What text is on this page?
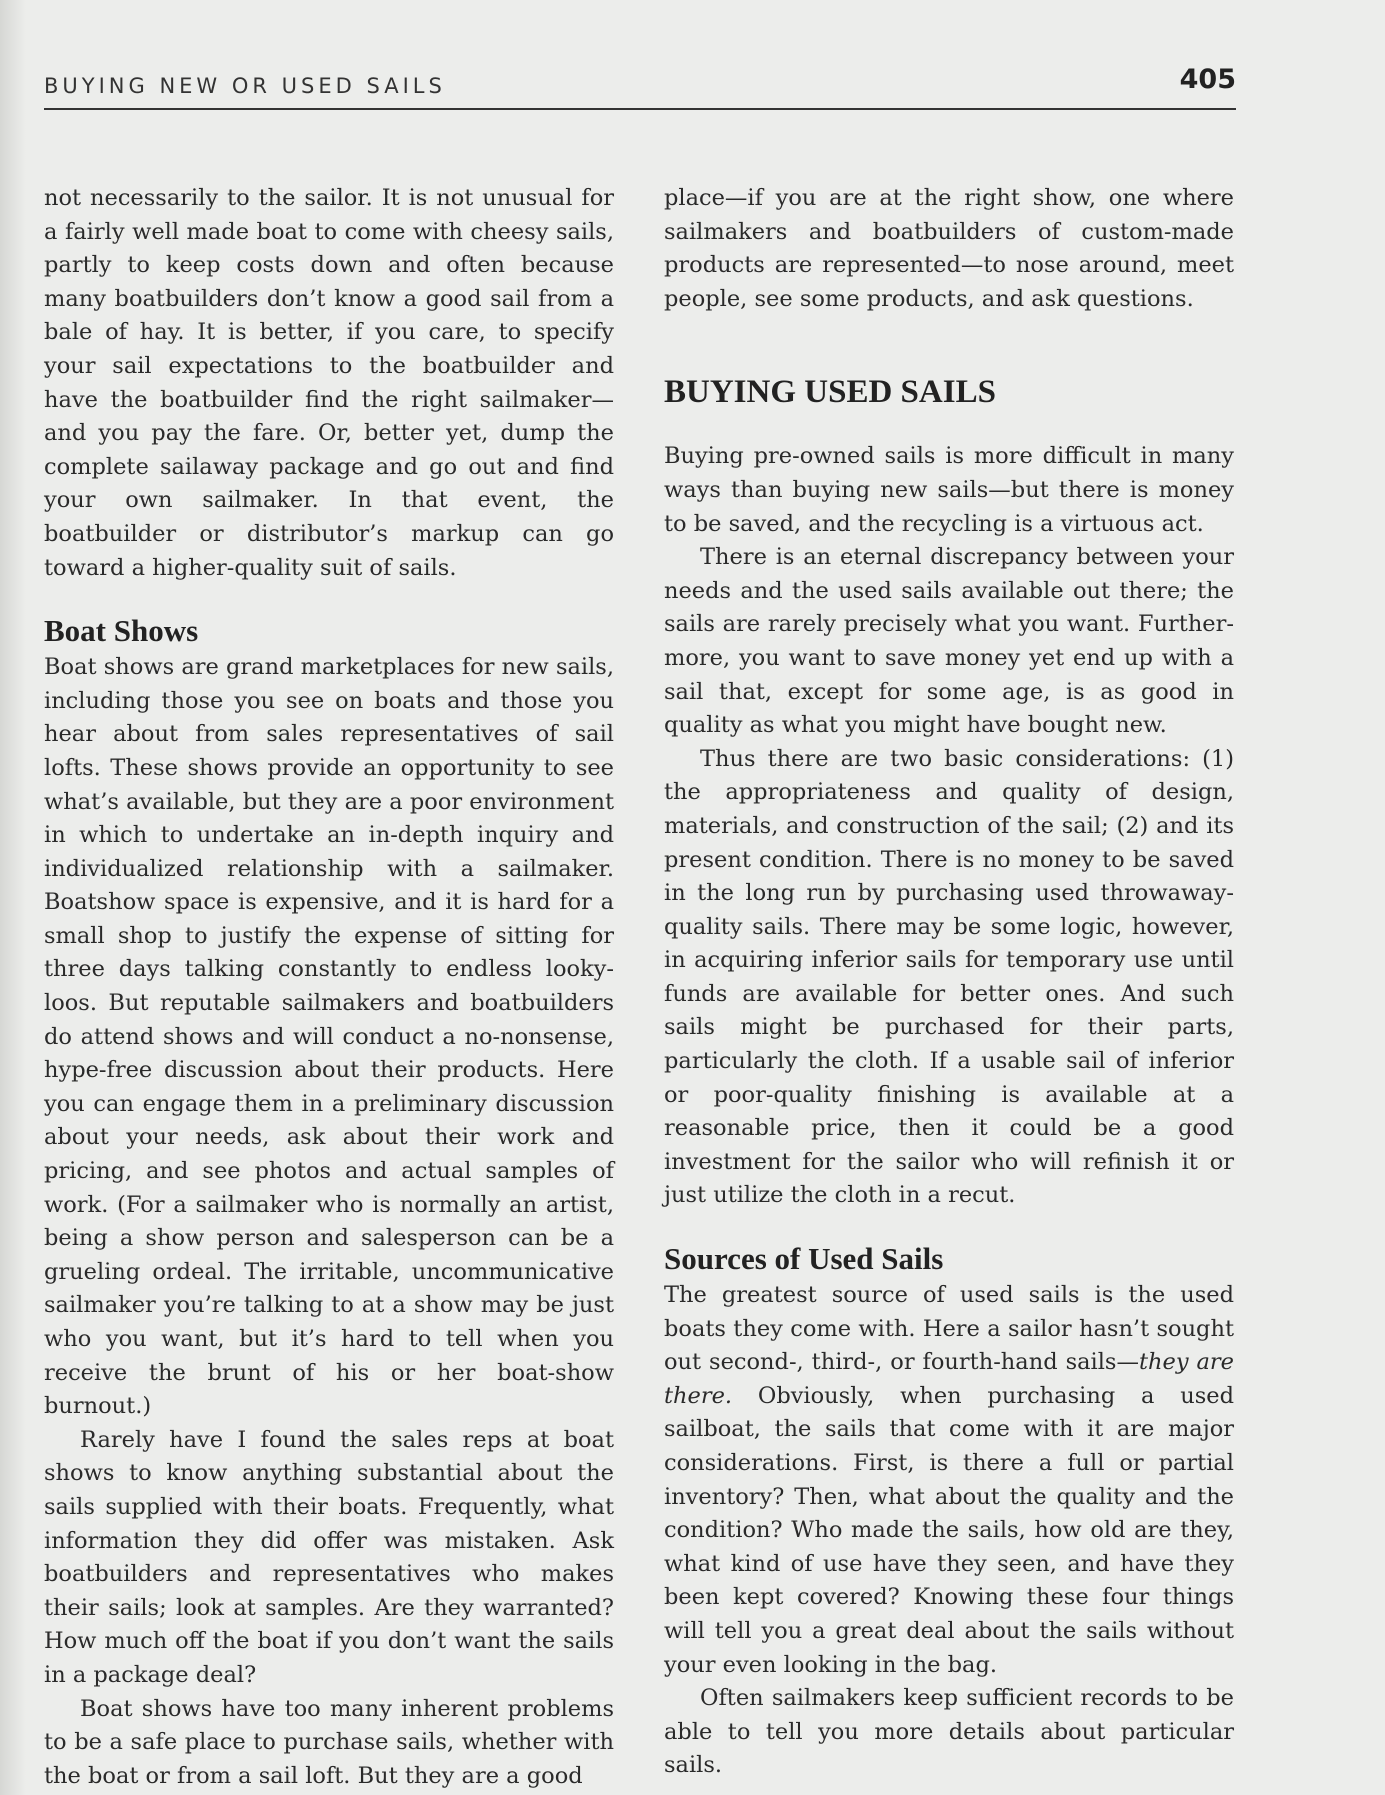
BUYING NEW OR USED SAILS	405

not necessarily to the sailor. It is not unusual for a fairly well made boat to come with cheesy sails, partly to keep costs down and often because many boatbuilders don’t know a good sail from a bale of hay. It is better, if you care, to specify your sail expectations to the boatbuilder and have the boatbuilder find the right sailmaker—and you pay the fare. Or, better yet, dump the complete sailaway package and go out and find your own sailmaker. In that event, the boatbuilder or distributor’s markup can go toward a higher-quality suit of sails.

Boat Shows

Boat shows are grand marketplaces for new sails, including those you see on boats and those you hear about from sales representatives of sail lofts. These shows provide an opportunity to see what’s available, but they are a poor environment in which to undertake an in-depth inquiry and individualized relationship with a sailmaker. Boatshow space is expensive, and it is hard for a small shop to justify the expense of sitting for three days talking constantly to endless looky-loos. But reputable sailmakers and boatbuilders do attend shows and will conduct a no-nonsense, hype-free discussion about their products. Here you can engage them in a preliminary discussion about your needs, ask about their work and pricing, and see photos and actual samples of work. (For a sailmaker who is normally an artist, being a show person and salesperson can be a grueling ordeal. The irritable, uncommunicative sailmaker you’re talking to at a show may be just who you want, but it’s hard to tell when you receive the brunt of his or her boat-show burnout.)

Rarely have I found the sales reps at boat shows to know anything substantial about the sails supplied with their boats. Frequently, what information they did offer was mistaken. Ask boatbuilders and representatives who makes their sails; look at samples. Are they warranted? How much off the boat if you don’t want the sails in a package deal?

Boat shows have too many inherent problems to be a safe place to purchase sails, whether with the boat or from a sail loft. But they are a good

place—if you are at the right show, one where sailmakers and boatbuilders of custom-made products are represented—to nose around, meet people, see some products, and ask questions.

BUYING USED SAILS

Buying pre-owned sails is more difficult in many ways than buying new sails—but there is money to be saved, and the recycling is a virtuous act.

There is an eternal discrepancy between your needs and the used sails available out there; the sails are rarely precisely what you want. Furthermore, you want to save money yet end up with a sail that, except for some age, is as good in quality as what you might have bought new.

Thus there are two basic considerations: (1) the appropriateness and quality of design, materials, and construction of the sail; (2) and its present condition. There is no money to be saved in the long run by purchasing used throwaway-quality sails. There may be some logic, however, in acquiring inferior sails for temporary use until funds are available for better ones. And such sails might be purchased for their parts, particularly the cloth. If a usable sail of inferior or poor-quality finishing is available at a reasonable price, then it could be a good investment for the sailor who will refinish it or just utilize the cloth in a recut.

Sources of Used Sails

The greatest source of used sails is the used boats they come with. Here a sailor hasn’t sought out second-, third-, or fourth-hand sails—they are there. Obviously, when purchasing a used sailboat, the sails that come with it are major considerations. First, is there a full or partial inventory? Then, what about the quality and the condition? Who made the sails, how old are they, what kind of use have they seen, and have they been kept covered? Knowing these four things will tell you a great deal about the sails without your even looking in the bag.

Often sailmakers keep sufficient records to be able to tell you more details about particular sails.
